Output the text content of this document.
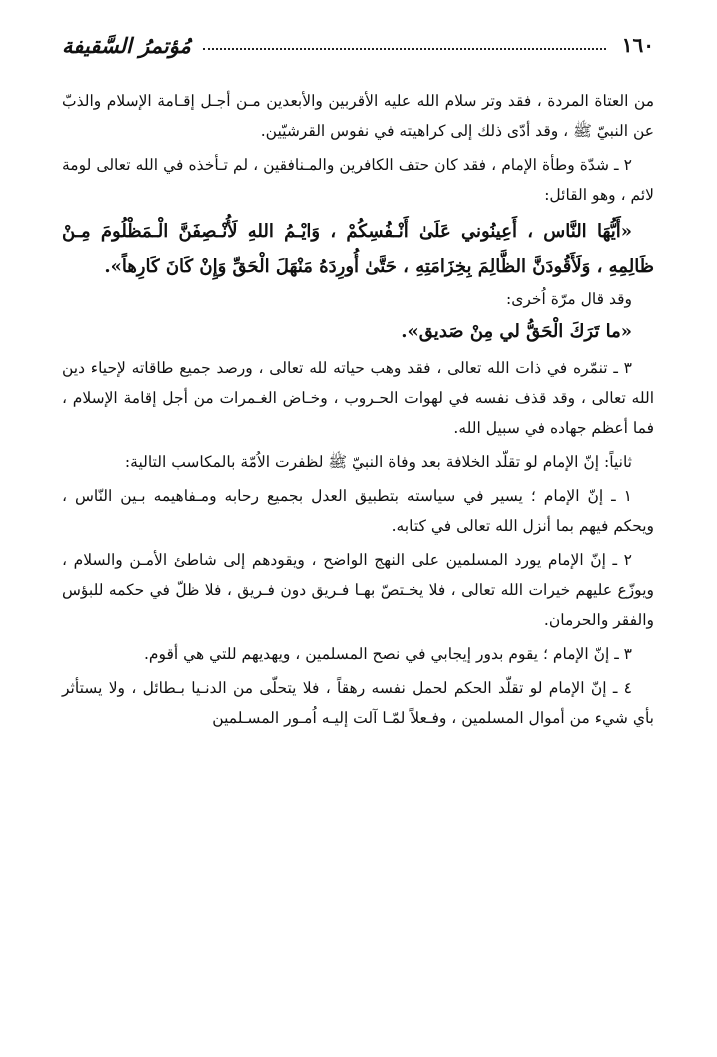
١٦٠
مُؤتمرُ السَّقيفة

من العتاة المردة ، فقد وتر سلام الله عليه الأقربين والأبعدين مـن أجـل إقـامة الإسلام والذبّ عن النبيّ ﷺ ، وقد أدّى ذلك إلى كراهيته في نفوس القرشيّين.

٢ ـ شدّة وطأة الإمام ، فقد كان حتف الكافرين والمـنافقين ، لم تـأخذه في الله تعالى لومة لائم ، وهو القائل:

«أَيُّهَا النَّاس ، أَعِينُوني عَلَىٰ أَنْـفُسِكُمْ ، وَايْـمُ اللهِ لَأُنْـصِفَنَّ الْـمَظْلُومَ مِـنْ ظَالِمِهِ ، وَلَأَقُودَنَّ الظَّالِمَ بِخِزَامَتِهِ ، حَتَّىٰ أُورِدَهُ مَنْهَلَ الْحَقِّ وَإِنْ كَانَ كَارِهاً».

وقد قال مرّة اُخرى:

«ما تَرَكَ الْحَقُّ لي مِنْ صَديق».

٣ ـ تنمّره في ذات الله تعالى ، فقد وهب حياته لله تعالى ، ورصد جميع طاقاته لإحياء دين الله تعالى ، وقد قذف نفسه في لهوات الحـروب ، وخـاض الغـمرات من أجل إقامة الإسلام ، فما أعظم جهاده في سبيل الله.

ثانياً: إنّ الإمام لو تقلّد الخلافة بعد وفاة النبيّ ﷺ لظفرت الاُمّة بالمكاسب التالية:

١ ـ إنّ الإمام ؛ يسير في سياسته بتطبيق العدل بجميع رحابه ومـفاهيمه بـين النّاس ، ويحكم فيهم بما أنزل الله تعالى في كتابه.

٢ ـ إنّ الإمام يورد المسلمين على النهج الواضح ، ويقودهم إلى شاطئ الأمـن والسلام ، ويوزّع عليهم خيرات الله تعالى ، فلا يخـتصّ بهـا فـريق دون فـريق ، فلا ظلّ في حكمه للبؤس والفقر والحرمان.

٣ ـ إنّ الإمام ؛ يقوم بدور إيجابي في نصح المسلمين ، ويهديهم للتي هي أقوم.

٤ ـ إنّ الإمام لو تقلّد الحكم لحمل نفسه رهقاً ، فلا يتحلّى من الدنـيا بـطائل ، ولا يستأثر بأي شيء من أموال المسلمين ، وفـعلاً لمّـا آلت إليـه اُمـور المسـلمين
